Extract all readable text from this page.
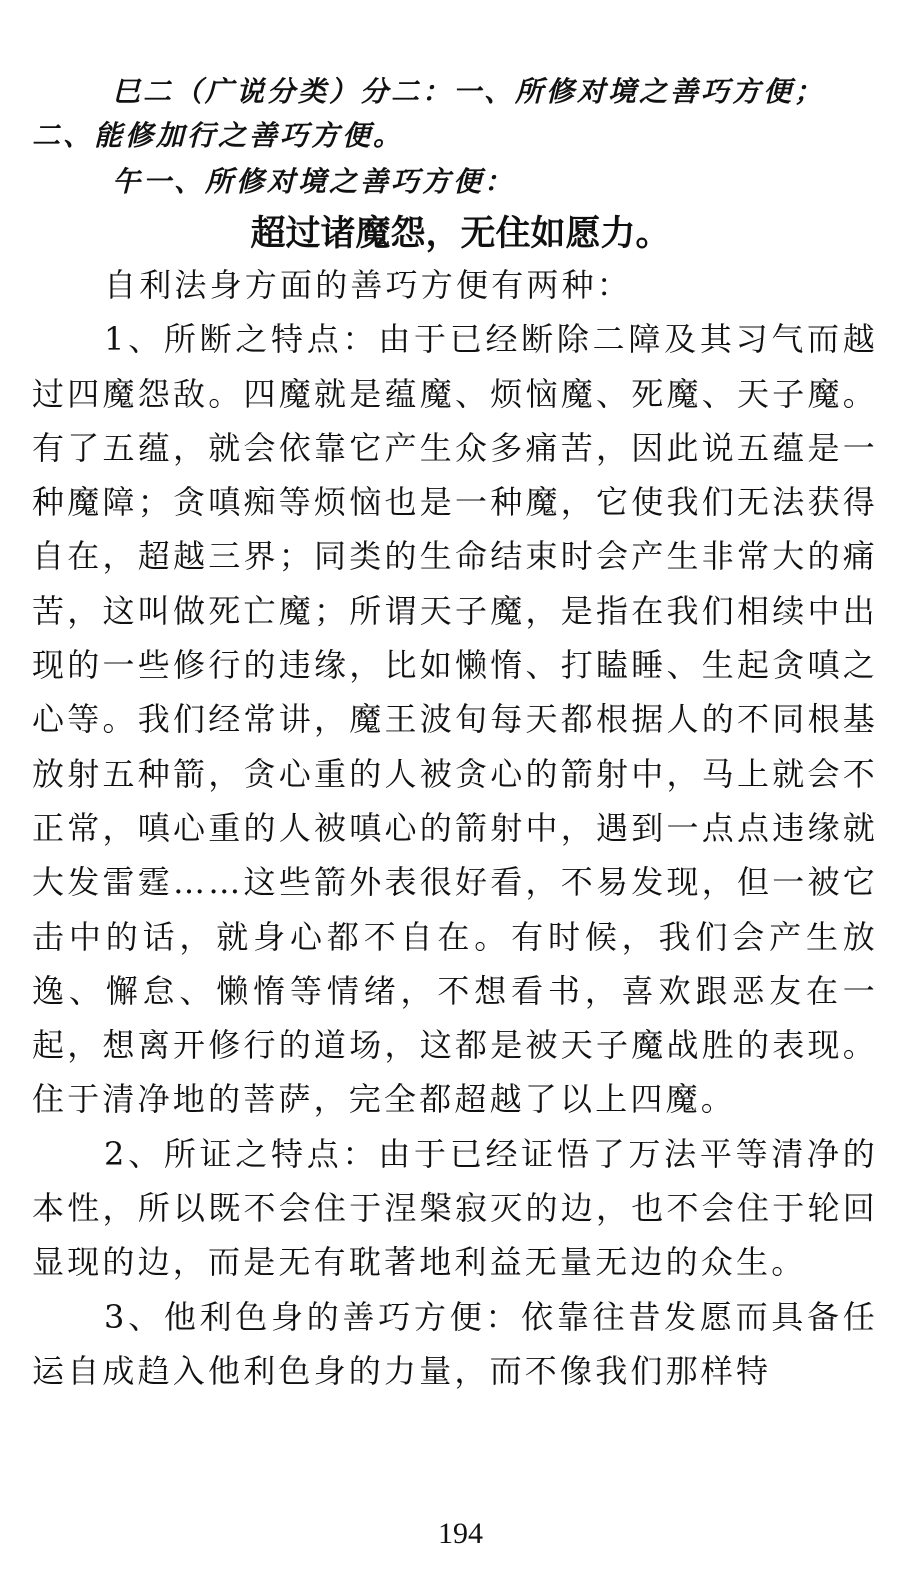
巳二（广说分类）分二：一、所修对境之善巧方便；二、能修加行之善巧方便。

午一、所修对境之善巧方便：

超过诸魔怨，无住如愿力。

自利法身方面的善巧方便有两种：

1、所断之特点：由于已经断除二障及其习气而越过四魔怨敌。四魔就是蕴魔、烦恼魔、死魔、天子魔。有了五蕴，就会依靠它产生众多痛苦，因此说五蕴是一种魔障；贪嗔痴等烦恼也是一种魔，它使我们无法获得自在，超越三界；同类的生命结束时会产生非常大的痛苦，这叫做死亡魔；所谓天子魔，是指在我们相续中出现的一些修行的违缘，比如懒惰、打瞌睡、生起贪嗔之心等。我们经常讲，魔王波旬每天都根据人的不同根基放射五种箭，贪心重的人被贪心的箭射中，马上就会不正常，嗔心重的人被嗔心的箭射中，遇到一点点违缘就大发雷霆……这些箭外表很好看，不易发现，但一被它击中的话，就身心都不自在。有时候，我们会产生放逸、懈怠、懒惰等情绪，不想看书，喜欢跟恶友在一起，想离开修行的道场，这都是被天子魔战胜的表现。住于清净地的菩萨，完全都超越了以上四魔。

2、所证之特点：由于已经证悟了万法平等清净的本性，所以既不会住于涅槃寂灭的边，也不会住于轮回显现的边，而是无有耽著地利益无量无边的众生。

3、他利色身的善巧方便：依靠往昔发愿而具备任运自成趋入他利色身的力量，而不像我们那样特

194
